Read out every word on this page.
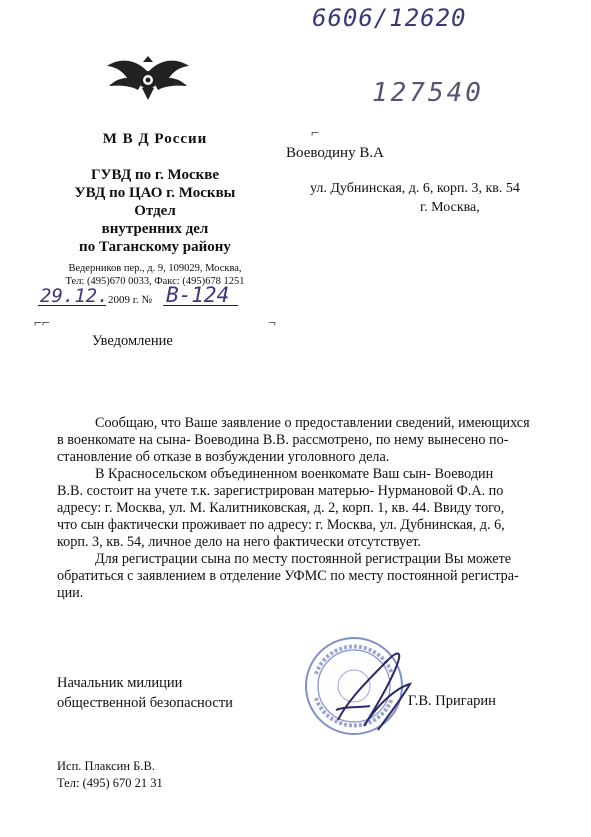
6606/12620
127540
М В Д России
ГУВД по г. Москве
УВД по ЦАО г. Москвы
Отдел
внутренних дел
по Таганскому району
Ведерников пер., д. 9, 109029, Москва,
Тел: (495)670 0033, Факс: (495)678 1251
29.12. 2009 г. № В-124
⌐⌐	¬
⌐
Воеводину В.А
ул. Дубнинская, д. 6, корп. 3, кв. 54
г. Москва,
Уведомление
Сообщаю, что Ваше заявление о предоставлении сведений, имеющихся
в военкомате на сына- Воеводина В.В. рассмотрено, по нему вынесено по-
становление об отказе в возбуждении уголовного дела.
В Красносельском объединенном военкомате Ваш сын- Воеводин
В.В. состоит на учете т.к. зарегистрирован матерью- Нурмановой Ф.А. по
адресу: г. Москва, ул. М. Калитниковская, д. 2, корп. 1, кв. 44. Ввиду того,
что сын фактически проживает по адресу: г. Москва, ул. Дубнинская, д. 6,
корп. 3, кв. 54, личное дело на него фактически отсутствует.
Для регистрации сына по месту постоянной регистрации Вы можете
обратиться с заявлением в отделение УФМС по месту постоянной регистра-
ции.
Начальник милиции
общественной безопасности	Г.В. Пригарин
Исп. Плаксин Б.В.
Тел: (495) 670 21 31
